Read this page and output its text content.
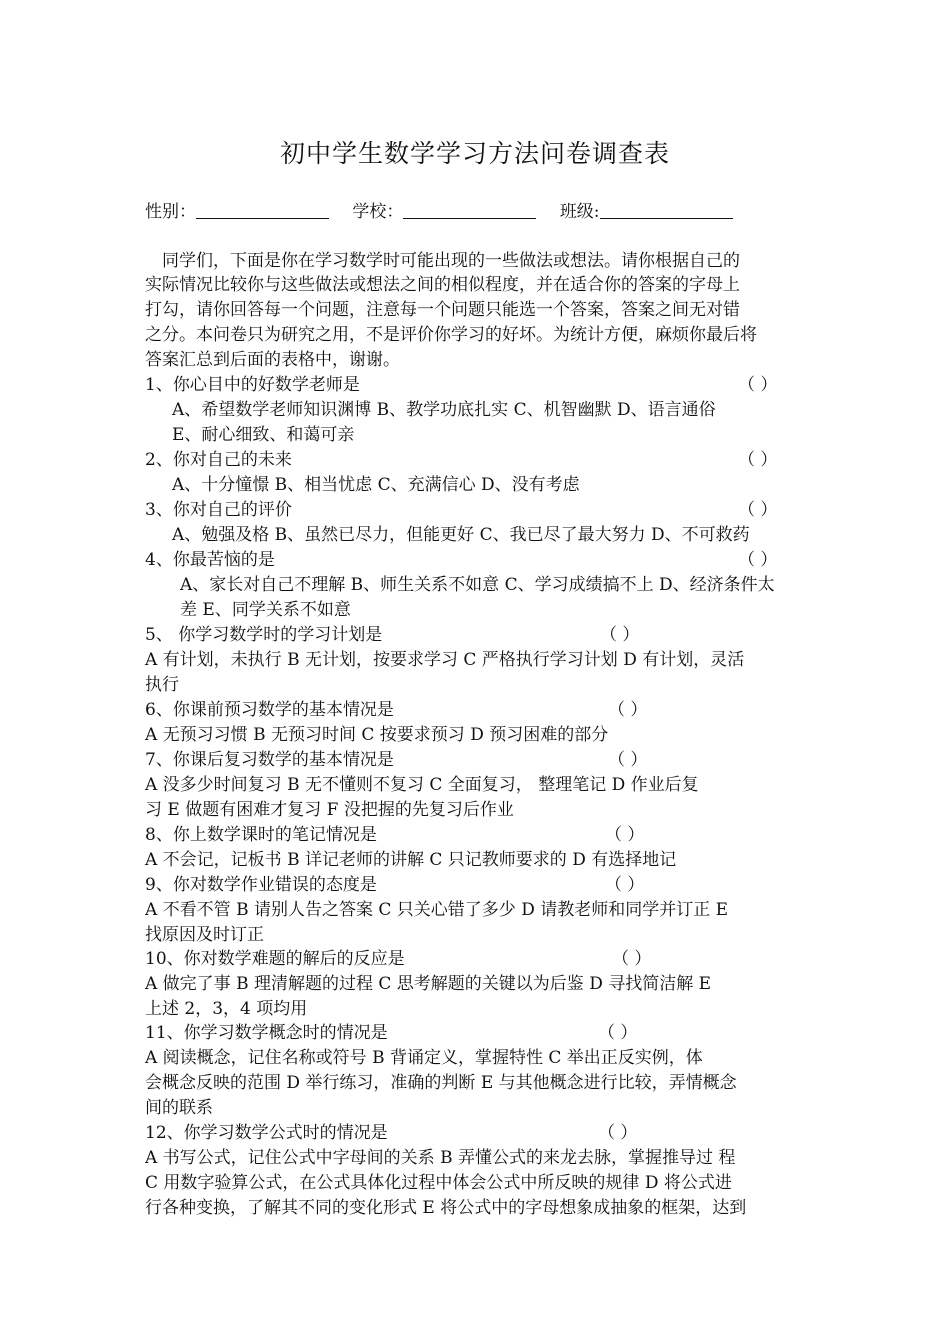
初中学生数学学习方法问卷调查表
性别：	学校：	班级:
同学们，下面是你在学习数学时可能出现的一些做法或想法。请你根据自己的
实际情况比较你与这些做法或想法之间的相似程度，并在适合你的答案的字母上
打勾，请你回答每一个问题，注意每一个问题只能选一个答案，答案之间无对错
之分。本问卷只为研究之用，不是评价你学习的好坏。为统计方便，麻烦你最后将
答案汇总到后面的表格中，谢谢。
1、你心目中的好数学老师是	（ ）
A、希望数学老师知识渊博 B、教学功底扎实 C、机智幽默 D、语言通俗
E、耐心细致、和蔼可亲
2、你对自己的未来	（ ）
A、十分憧憬 B、相当忧虑 C、充满信心 D、没有考虑
3、你对自己的评价	（ ）
A、勉强及格 B、虽然已尽力，但能更好 C、我已尽了最大努力 D、不可救药
4、你最苦恼的是	（ ）
A、家长对自己不理解 B、师生关系不如意 C、学习成绩搞不上 D、经济条件太
差 E、同学关系不如意
5、 你学习数学时的学习计划是	（ ）
A 有计划，未执行 B 无计划，按要求学习 C 严格执行学习计划 D 有计划，灵活
执行
6、你课前预习数学的基本情况是	（ ）
A 无预习习惯 B 无预习时间 C 按要求预习 D 预习困难的部分
7、你课后复习数学的基本情况是	（ ）
A 没多少时间复习 B 无不懂则不复习 C 全面复习， 整理笔记 D 作业后复
习 E 做题有困难才复习 F 没把握的先复习后作业
8、你上数学课时的笔记情况是	（ ）
A 不会记，记板书 B 详记老师的讲解 C 只记教师要求的 D 有选择地记
9、你对数学作业错误的态度是	（ ）
A 不看不管 B 请别人告之答案 C 只关心错了多少 D 请教老师和同学并订正 E
找原因及时订正
10、你对数学难题的解后的反应是	（ ）
A 做完了事 B 理清解题的过程 C 思考解题的关键以为后鉴 D 寻找简洁解 E
上述 2，3，4 项均用
11、你学习数学概念时的情况是	（ ）
A 阅读概念，记住名称或符号 B 背诵定义，掌握特性 C 举出正反实例，体
会概念反映的范围 D 举行练习，准确的判断 E 与其他概念进行比较，弄情概念
间的联系
12、你学习数学公式时的情况是	（ ）
A 书写公式，记住公式中字母间的关系 B 弄懂公式的来龙去脉，掌握推导过 程
C 用数字验算公式，在公式具体化过程中体会公式中所反映的规律 D 将公式进
行各种变换，了解其不同的变化形式 E 将公式中的字母想象成抽象的框架，达到
